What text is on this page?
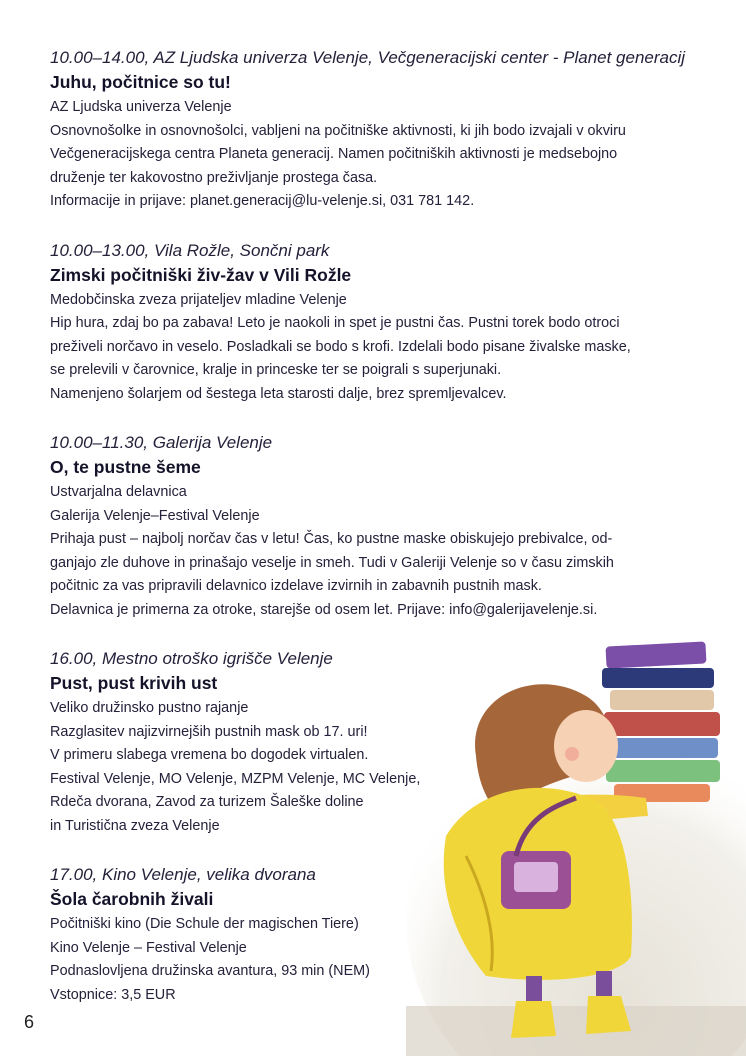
10.00–14.00, AZ Ljudska univerza Velenje, Večgeneracijski center - Planet generacij

Juhu, počitnice so tu!

AZ Ljudska univerza Velenje

Osnovnošolke in osnovnošolci, vabljeni na počitniške aktivnosti, ki jih bodo izvajali v okviru

Večgeneracijskega centra Planeta generacij. Namen počitniških aktivnosti je medsebojno

druženje ter kakovostno preživljanje prostega časa.

Informacije in prijave: planet.generacij@lu-velenje.si, 031 781 142.

10.00–13.00, Vila Rožle, Sončni park

Zimski počitniški živ-žav v Vili Rožle

Medobčinska zveza prijateljev mladine Velenje

Hip hura, zdaj bo pa zabava! Leto je naokoli in spet je pustni čas. Pustni torek bodo otroci

preživeli norčavo in veselo. Posladkali se bodo s krofi. Izdelali bodo pisane živalske maske,

se prelevili v čarovnice, kralje in princeske ter se poigrali s superjunaki.

Namenjeno šolarjem od šestega leta starosti dalje, brez spremljevalcev.

10.00–11.30, Galerija Velenje

O, te pustne šeme

Ustvarjalna delavnica

Galerija Velenje–Festival Velenje

Prihaja pust – najbolj norčav čas v letu! Čas, ko pustne maske obiskujejo prebivalce, od-

ganjajo zle duhove in prinašajo veselje in smeh. Tudi v Galeriji Velenje so v času zimskih

počitnic za vas pripravili delavnico izdelave izvirnih in zabavnih pustnih mask.

Delavnica je primerna za otroke, starejše od osem let. Prijave: info@galerijavelenje.si.

16.00, Mestno otroško igrišče Velenje

Pust, pust krivih ust

Veliko družinsko pustno rajanje

Razglasitev najizvirnejših pustnih mask ob 17. uri!

V primeru slabega vremena bo dogodek virtualen.

Festival Velenje, MO Velenje, MZPM Velenje, MC Velenje,

Rdeča dvorana, Zavod za turizem Šaleške doline

in Turistična zveza Velenje

17.00, Kino Velenje, velika dvorana

Šola čarobnih živali

Počitniški kino (Die Schule der magischen Tiere)

Kino Velenje – Festival Velenje

Podnaslovljena družinska avantura, 93 min (NEM)

Vstopnice: 3,5 EUR

6
